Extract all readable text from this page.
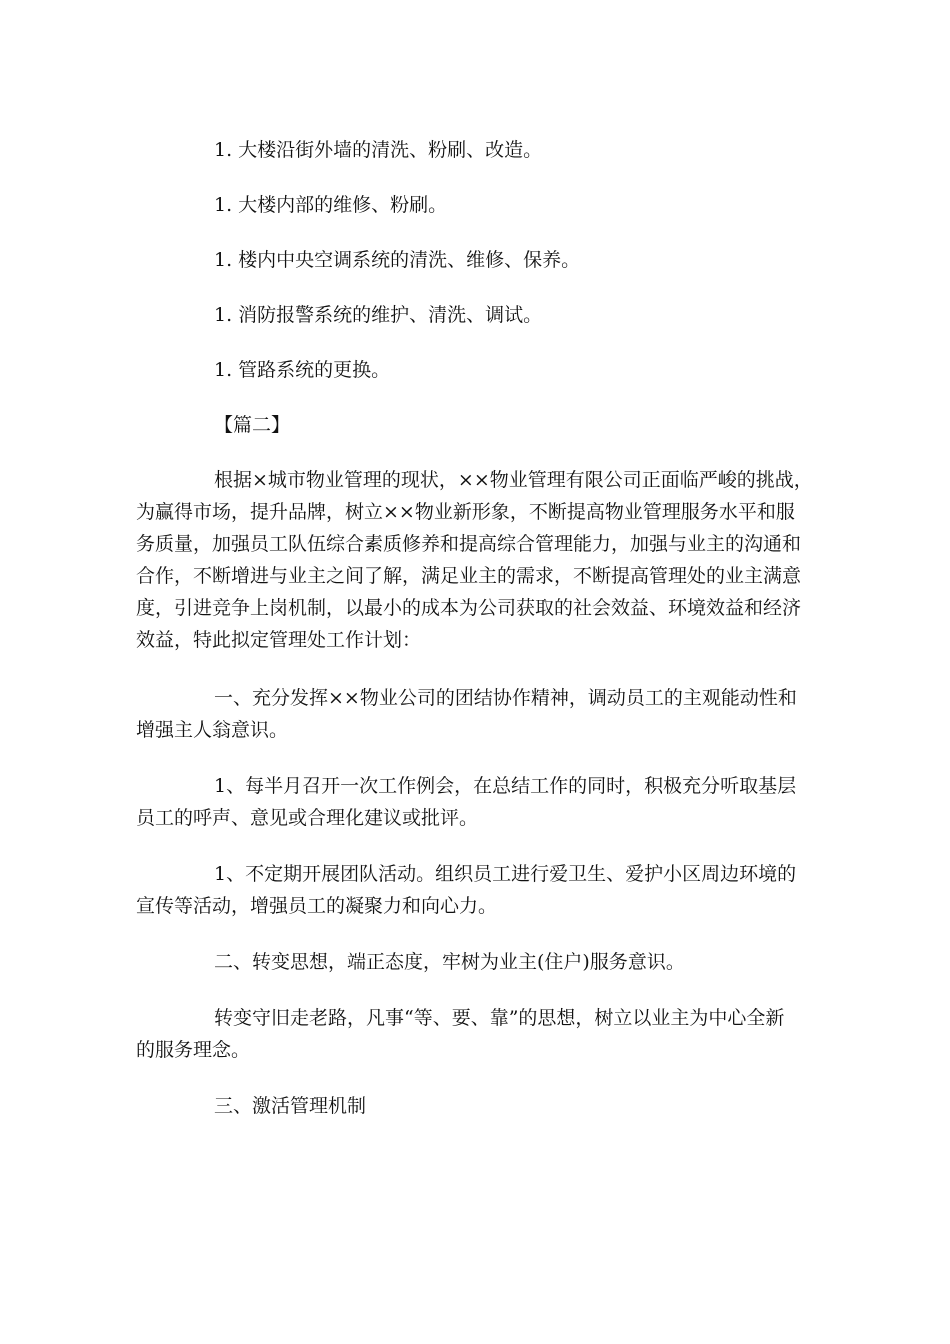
1. 大楼沿街外墙的清洗、粉刷、改造。
1. 大楼内部的维修、粉刷。
1. 楼内中央空调系统的清洗、维修、保养。
1. 消防报警系统的维护、清洗、调试。
1. 管路系统的更换。
【篇二】
根据×城市物业管理的现状，××物业管理有限公司正面临严峻的挑战，
为赢得市场，提升品牌，树立××物业新形象，不断提高物业管理服务水平和服
务质量，加强员工队伍综合素质修养和提高综合管理能力，加强与业主的沟通和
合作，不断增进与业主之间了解，满足业主的需求，不断提高管理处的业主满意
度，引进竞争上岗机制，以最小的成本为公司获取的社会效益、环境效益和经济
效益，特此拟定管理处工作计划：
一、充分发挥××物业公司的团结协作精神，调动员工的主观能动性和
增强主人翁意识。
1、每半月召开一次工作例会，在总结工作的同时，积极充分听取基层
员工的呼声、意见或合理化建议或批评。
1、不定期开展团队活动。组织员工进行爱卫生、爱护小区周边环境的
宣传等活动，增强员工的凝聚力和向心力。
二、转变思想，端正态度，牢树为业主(住户)服务意识。
转变守旧走老路，凡事“等、要、靠”的思想，树立以业主为中心全新
的服务理念。
三、激活管理机制
